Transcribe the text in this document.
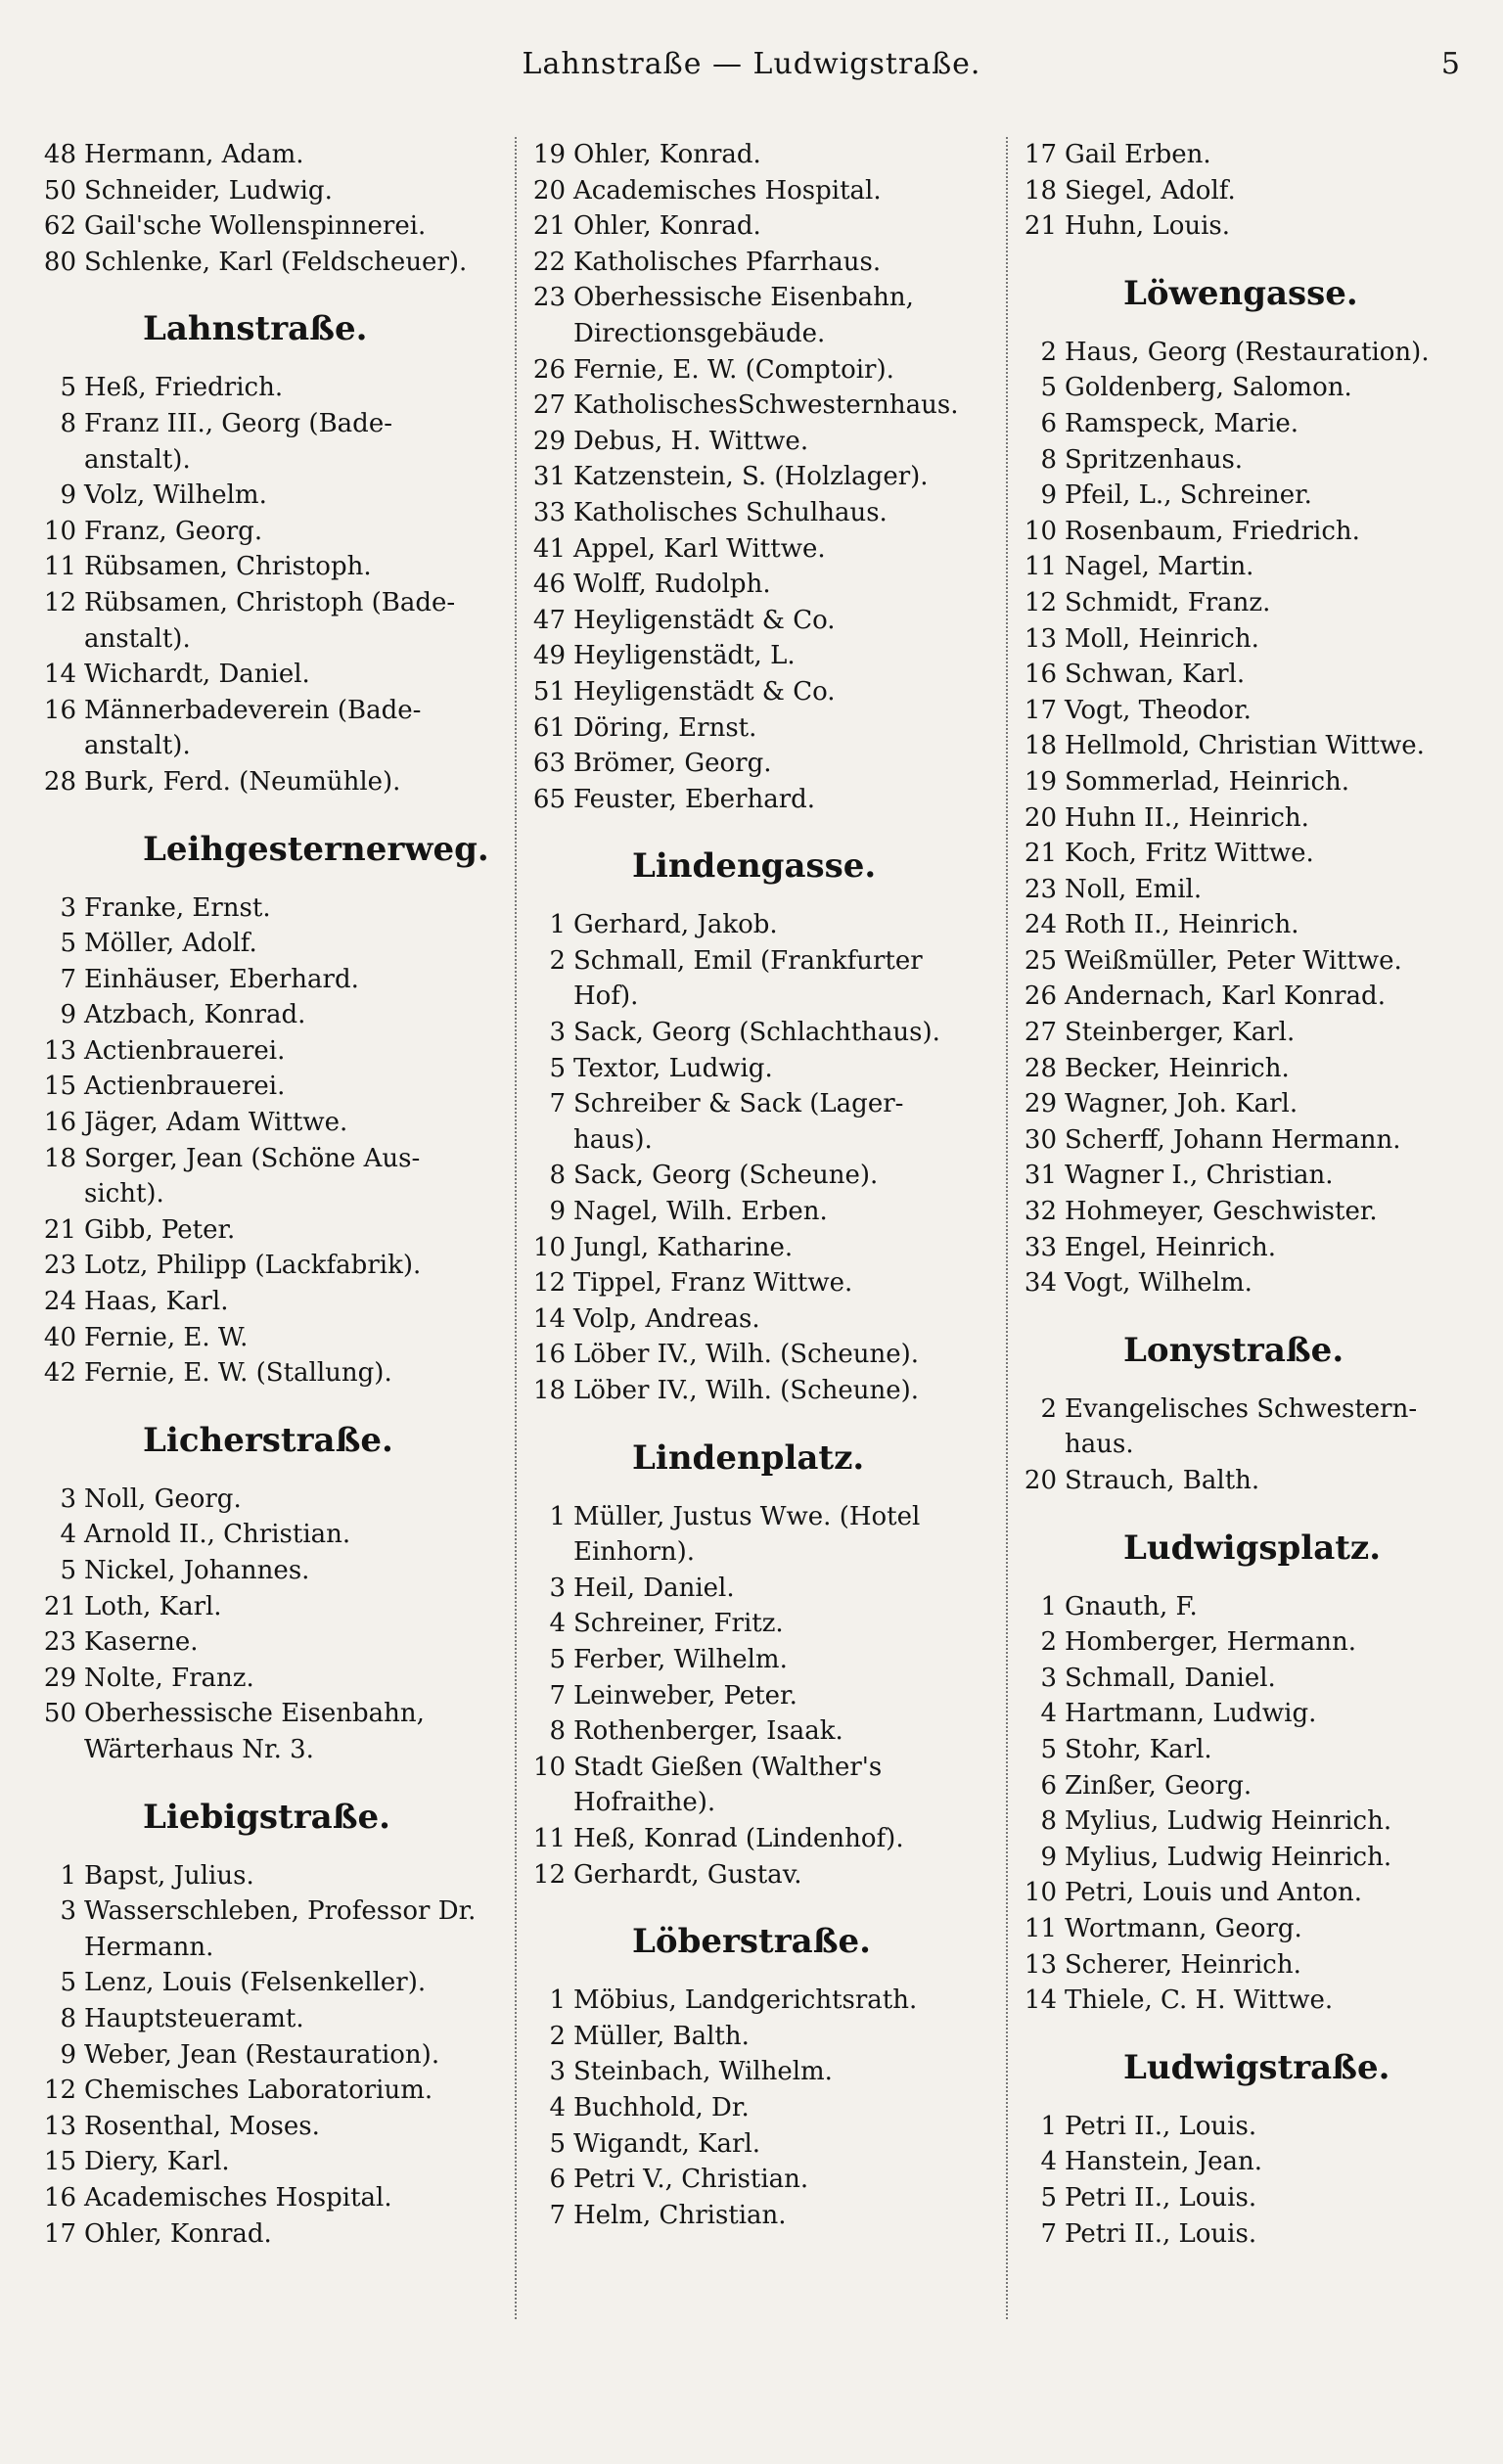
Lahnstraße — Ludwigstraße.	5
48 Hermann, Adam.
50 Schneider, Ludwig.
62 Gail'sche Wollenspinnerei.
80 Schlenke, Karl (Feldscheuer).
Lahnstraße.
5 Heß, Friedrich.
8 Franz III., Georg (Bade-
anstalt).
9 Volz, Wilhelm.
10 Franz, Georg.
11 Rübsamen, Christoph.
12 Rübsamen, Christoph (Bade-
anstalt).
14 Wichardt, Daniel.
16 Männerbadeverein (Bade-
anstalt).
28 Burk, Ferd. (Neumühle).
Leihgesternerweg.
3 Franke, Ernst.
5 Möller, Adolf.
7 Einhäuser, Eberhard.
9 Atzbach, Konrad.
13 Actienbrauerei.
15 Actienbrauerei.
16 Jäger, Adam Wittwe.
18 Sorger, Jean (Schöne Aus-
sicht).
21 Gibb, Peter.
23 Lotz, Philipp (Lackfabrik).
24 Haas, Karl.
40 Fernie, E. W.
42 Fernie, E. W. (Stallung).
Licherstraße.
3 Noll, Georg.
4 Arnold II., Christian.
5 Nickel, Johannes.
21 Loth, Karl.
23 Kaserne.
29 Nolte, Franz.
50 Oberhessische Eisenbahn,
Wärterhaus Nr. 3.
Liebigstraße.
1 Bapst, Julius.
3 Wasserschleben, Professor Dr.
Hermann.
5 Lenz, Louis (Felsenkeller).
8 Hauptsteueramt.
9 Weber, Jean (Restauration).
12 Chemisches Laboratorium.
13 Rosenthal, Moses.
15 Diery, Karl.
16 Academisches Hospital.
17 Ohler, Konrad.
19 Ohler, Konrad.
20 Academisches Hospital.
21 Ohler, Konrad.
22 Katholisches Pfarrhaus.
23 Oberhessische Eisenbahn,
Directionsgebäude.
26 Fernie, E. W. (Comptoir).
27 KatholischesSchwesternhaus.
29 Debus, H. Wittwe.
31 Katzenstein, S. (Holzlager).
33 Katholisches Schulhaus.
41 Appel, Karl Wittwe.
46 Wolff, Rudolph.
47 Heyligenstädt & Co.
49 Heyligenstädt, L.
51 Heyligenstädt & Co.
61 Döring, Ernst.
63 Brömer, Georg.
65 Feuster, Eberhard.
Lindengasse.
1 Gerhard, Jakob.
2 Schmall, Emil (Frankfurter
Hof).
3 Sack, Georg (Schlachthaus).
5 Textor, Ludwig.
7 Schreiber & Sack (Lager-
haus).
8 Sack, Georg (Scheune).
9 Nagel, Wilh. Erben.
10 Jungl, Katharine.
12 Tippel, Franz Wittwe.
14 Volp, Andreas.
16 Löber IV., Wilh. (Scheune).
18 Löber IV., Wilh. (Scheune).
Lindenplatz.
1 Müller, Justus Wwe. (Hotel
Einhorn).
3 Heil, Daniel.
4 Schreiner, Fritz.
5 Ferber, Wilhelm.
7 Leinweber, Peter.
8 Rothenberger, Isaak.
10 Stadt Gießen (Walther's
Hofraithe).
11 Heß, Konrad (Lindenhof).
12 Gerhardt, Gustav.
Löberstraße.
1 Möbius, Landgerichtsrath.
2 Müller, Balth.
3 Steinbach, Wilhelm.
4 Buchhold, Dr.
5 Wigandt, Karl.
6 Petri V., Christian.
7 Helm, Christian.
17 Gail Erben.
18 Siegel, Adolf.
21 Huhn, Louis.
Löwengasse.
2 Haus, Georg (Restauration).
5 Goldenberg, Salomon.
6 Ramspeck, Marie.
8 Spritzenhaus.
9 Pfeil, L., Schreiner.
10 Rosenbaum, Friedrich.
11 Nagel, Martin.
12 Schmidt, Franz.
13 Moll, Heinrich.
16 Schwan, Karl.
17 Vogt, Theodor.
18 Hellmold, Christian Wittwe.
19 Sommerlad, Heinrich.
20 Huhn II., Heinrich.
21 Koch, Fritz Wittwe.
23 Noll, Emil.
24 Roth II., Heinrich.
25 Weißmüller, Peter Wittwe.
26 Andernach, Karl Konrad.
27 Steinberger, Karl.
28 Becker, Heinrich.
29 Wagner, Joh. Karl.
30 Scherff, Johann Hermann.
31 Wagner I., Christian.
32 Hohmeyer, Geschwister.
33 Engel, Heinrich.
34 Vogt, Wilhelm.
Lonystraße.
2 Evangelisches Schwestern-
haus.
20 Strauch, Balth.
Ludwigsplatz.
1 Gnauth, F.
2 Homberger, Hermann.
3 Schmall, Daniel.
4 Hartmann, Ludwig.
5 Stohr, Karl.
6 Zinßer, Georg.
8 Mylius, Ludwig Heinrich.
9 Mylius, Ludwig Heinrich.
10 Petri, Louis und Anton.
11 Wortmann, Georg.
13 Scherer, Heinrich.
14 Thiele, C. H. Wittwe.
Ludwigstraße.
1 Petri II., Louis.
4 Hanstein, Jean.
5 Petri II., Louis.
7 Petri II., Louis.
